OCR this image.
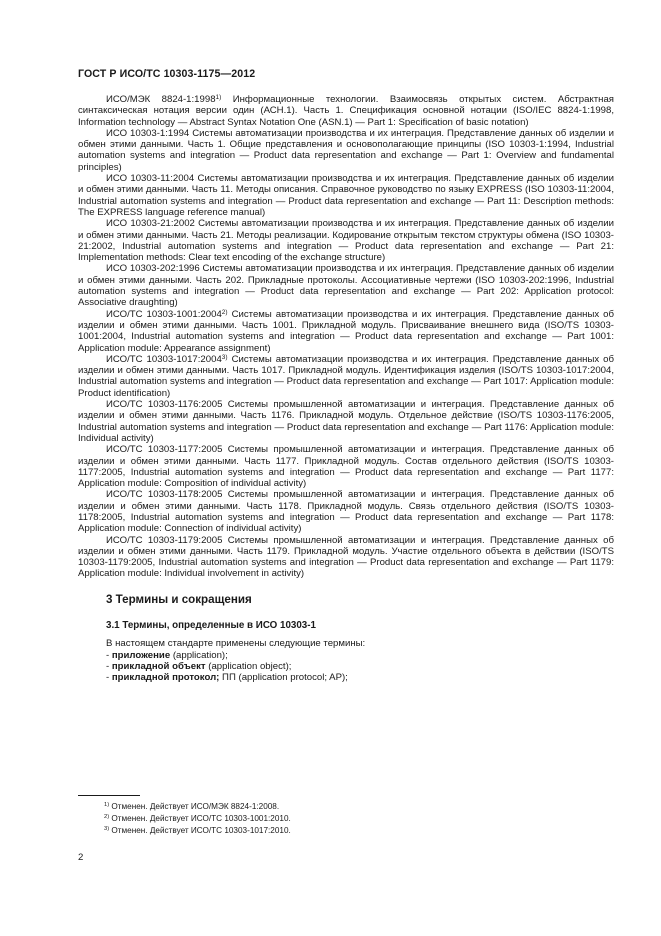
ГОСТ Р ИСО/ТС 10303-1175—2012

ИСО/МЭК 8824-1:1998$^{1)}$ Информационные технологии. Взаимосвязь открытых систем. Абстрактная синтаксическая нотация версии один (АСН.1). Часть 1. Спецификация основной нотации (ISO/IEC 8824-1:1998, Information technology — Abstract Syntax Notation One (ASN.1) — Part 1: Specification of basic notation)

ИСО 10303-1:1994 Системы автоматизации производства и их интеграция. Представление данных об изделии и обмен этими данными. Часть 1. Общие представления и основополагающие принципы (ISO 10303-1:1994, Industrial automation systems and integration — Product data representation and exchange — Part 1: Overview and fundamental principles)

ИСО 10303-11:2004 Системы автоматизации производства и их интеграция. Представление данных об изделии и обмен этими данными. Часть 11. Методы описания. Справочное руководство по языку EXPRESS (ISO 10303-11:2004, Industrial automation systems and integration — Product data representation and exchange — Part 11: Description methods: The EXPRESS language reference manual)

ИСО 10303-21:2002 Системы автоматизации производства и их интеграция. Представление данных об изделии и обмен этими данными. Часть 21. Методы реализации. Кодирование открытым текстом структуры обмена (ISO 10303-21:2002, Industrial automation systems and integration — Product data representation and exchange — Part 21: Implementation methods: Clear text encoding of the exchange structure)

ИСО 10303-202:1996 Системы автоматизации производства и их интеграция. Представление данных об изделии и обмен этими данными. Часть 202. Прикладные протоколы. Ассоциативные чертежи (ISO 10303-202:1996, Industrial automation systems and integration — Product data representation and exchange — Part 202: Application protocol: Associative draughting)

ИСО/ТС 10303-1001:2004$^{2)}$ Системы автоматизации производства и их интеграция. Представление данных об изделии и обмен этими данными. Часть 1001. Прикладной модуль. Присваивание внешнего вида (ISO/TS 10303-1001:2004, Industrial automation systems and integration — Product data representation and exchange — Part 1001: Application module: Appearance assignment)

ИСО/ТС 10303-1017:2004$^{3)}$ Системы автоматизации производства и их интеграция. Представление данных об изделии и обмен этими данными. Часть 1017. Прикладной модуль. Идентификация изделия (ISO/TS 10303-1017:2004, Industrial automation systems and integration — Product data representation and exchange — Part 1017: Application module: Product identification)

ИСО/ТС 10303-1176:2005 Системы промышленной автоматизации и интеграция. Представление данных об изделии и обмен этими данными. Часть 1176. Прикладной модуль. Отдельное действие (ISO/TS 10303-1176:2005, Industrial automation systems and integration — Product data representation and exchange — Part 1176: Application module: Individual activity)

ИСО/ТС 10303-1177:2005 Системы промышленной автоматизации и интеграция. Представление данных об изделии и обмен этими данными. Часть 1177. Прикладной модуль. Состав отдельного действия (ISO/TS 10303-1177:2005, Industrial automation systems and integration — Product data representation and exchange — Part 1177: Application module: Composition of individual activity)

ИСО/ТС 10303-1178:2005 Системы промышленной автоматизации и интеграция. Представление данных об изделии и обмен этими данными. Часть 1178. Прикладной модуль. Связь отдельного действия (ISO/TS 10303-1178:2005, Industrial automation systems and integration — Product data representation and exchange — Part 1178: Application module: Connection of individual activity)

ИСО/ТС 10303-1179:2005 Системы промышленной автоматизации и интеграция. Представление данных об изделии и обмен этими данными. Часть 1179. Прикладной модуль. Участие отдельного объекта в действии (ISO/TS 10303-1179:2005, Industrial automation systems and integration — Product data representation and exchange — Part 1179: Application module: Individual involvement in activity)

3 Термины и сокращения
3.1 Термины, определенные в ИСО 10303-1
В настоящем стандарте применены следующие термины:
- приложение (application);
- прикладной объект (application object);
- прикладной протокол; ПП (application protocol; AP);
$^{1)}$ Отменен. Действует ИСО/МЭК 8824-1:2008.
$^{2)}$ Отменен. Действует ИСО/ТС 10303-1001:2010.
$^{3)}$ Отменен. Действует ИСО/ТС 10303-1017:2010.
2
